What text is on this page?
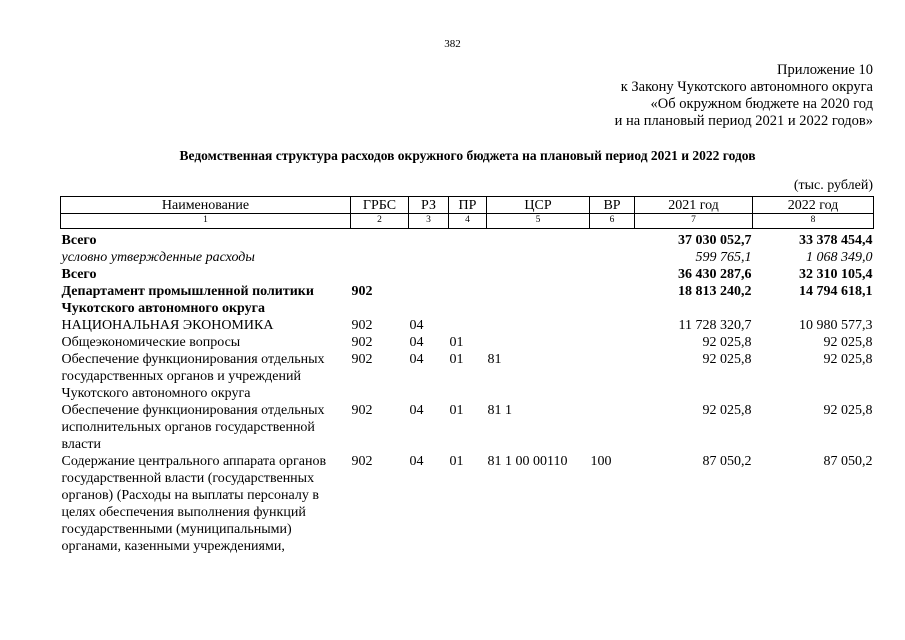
382
Приложение 10
к Закону Чукотского автономного округа
«Об окружном бюджете на 2020 год
и на плановый период 2021 и 2022 годов»
Ведомственная структура расходов окружного бюджета на плановый период 2021 и 2022 годов
(тыс. рублей)
Наименование	ГРБС	РЗ	ПР	ЦСР	ВР	2021 год	2022 год
1	2	3	4	5	6	7	8
Всего						37 030 052,7	33 378 454,4
условно утвержденные расходы						599 765,1	1 068 349,0
Всего						36 430 287,6	32 310 105,4
Департамент промышленной политики Чукотского автономного округа	902					18 813 240,2	14 794 618,1
НАЦИОНАЛЬНАЯ ЭКОНОМИКА	902	04				11 728 320,7	10 980 577,3
Общеэкономические вопросы	902	04	01			92 025,8	92 025,8
Обеспечение функционирования отдельных государственных органов и учреждений Чукотского автономного округа	902	04	01	81		92 025,8	92 025,8
Обеспечение функционирования отдельных исполнительных органов государственной власти	902	04	01	81 1		92 025,8	92 025,8
Содержание центрального аппарата органов государственной власти (государственных органов) (Расходы на выплаты персоналу в целях обеспечения выполнения функций государственными (муниципальными) органами, казенными учреждениями,	902	04	01	81 1 00 00110	100	87 050,2	87 050,2
